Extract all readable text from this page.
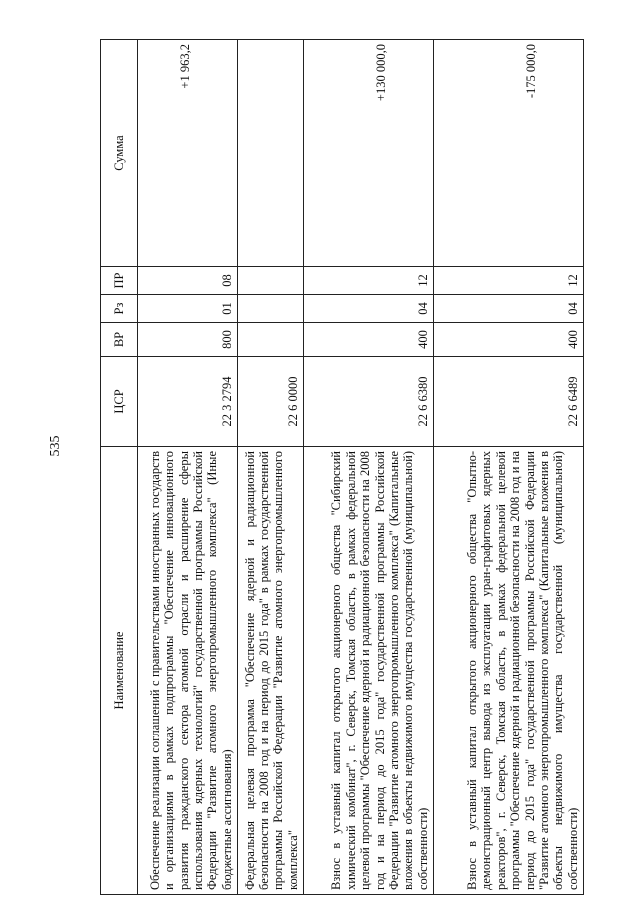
535
Наименование	ЦСР	ВР	Рз	ПР	Сумма
Обеспечение реализации соглашений с правительствами иностранных государств и организациями в рамках подпрограммы "Обеспечение инновационного развития гражданского сектора атомной отрасли и расширение сферы использования ядерных технологий" государственной программы Российской Федерации "Развитие атомного энергопромышленного комплекса" (Иные бюджетные ассигнования)	22 3 2794	800	01	08	+1 963,2
Федеральная целевая программа "Обеспечение ядерной и радиационной безопасности на 2008 год и на период до 2015 года" в рамках государственной программы Российской Федерации "Развитие атомного энергопромышленного комплекса"	22 6 0000				
Взнос в уставный капитал открытого акционерного общества "Сибирский химический комбинат", г. Северск, Томская область, в рамках федеральной целевой программы "Обеспечение ядерной и радиационной безопасности на 2008 год и на период до 2015 года" государственной программы Российской Федерации "Развитие атомного энергопромышленного комплекса" (Капитальные вложения в объекты недвижимого имущества государственной (муниципальной) собственности)	22 6 6380	400	04	12	+130 000,0
Взнос в уставный капитал открытого акционерного общества "Опытно-демонстрационный центр вывода из эксплуатации уран-графитовых ядерных реакторов", г. Северск, Томская область, в рамках федеральной целевой программы "Обеспечение ядерной и радиационной безопасности на 2008 год и на период до 2015 года" государственной программы Российской Федерации "Развитие атомного энергопромышленного комплекса" (Капитальные вложения в объекты недвижимого имущества государственной (муниципальной) собственности)	22 6 6489	400	04	12	-175 000,0
